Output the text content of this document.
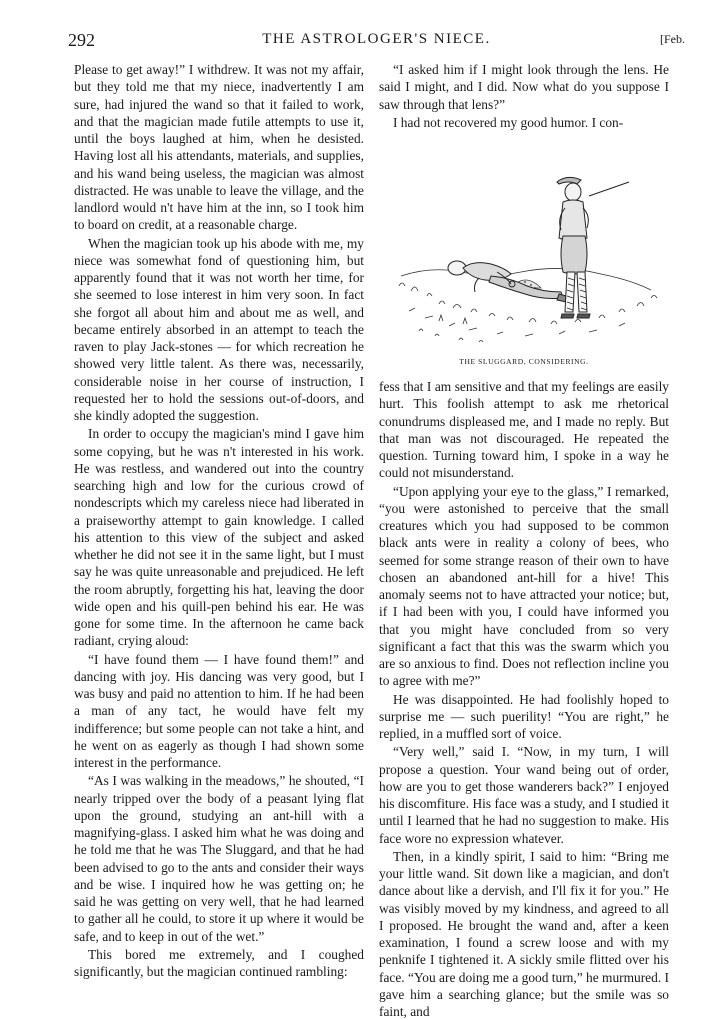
292	THE ASTROLOGER'S NIECE.	[Feb.

Please to get away!” I withdrew. It was not my affair, but they told me that my niece, inadvertently I am sure, had injured the wand so that it failed to work, and that the magician made futile attempts to use it, until the boys laughed at him, when he desisted. Having lost all his attendants, materials, and supplies, and his wand being useless, the magician was almost distracted. He was unable to leave the village, and the landlord would n't have him at the inn, so I took him to board on credit, at a reasonable charge.

When the magician took up his abode with me, my niece was somewhat fond of questioning him, but apparently found that it was not worth her time, for she seemed to lose interest in him very soon. In fact she forgot all about him and about me as well, and became entirely absorbed in an attempt to teach the raven to play Jack-stones — for which recreation he showed very little talent. As there was, necessarily, considerable noise in her course of instruction, I requested her to hold the sessions out-of-doors, and she kindly adopted the suggestion.

In order to occupy the magician's mind I gave him some copying, but he was n't interested in his work. He was restless, and wandered out into the country searching high and low for the curious crowd of nondescripts which my careless niece had liberated in a praiseworthy attempt to gain knowledge. I called his attention to this view of the subject and asked whether he did not see it in the same light, but I must say he was quite unreasonable and prejudiced. He left the room abruptly, forgetting his hat, leaving the door wide open and his quill-pen behind his ear. He was gone for some time. In the afternoon he came back radiant, crying aloud:

“I have found them — I have found them!” and dancing with joy. His dancing was very good, but I was busy and paid no attention to him. If he had been a man of any tact, he would have felt my indifference; but some people can not take a hint, and he went on as eagerly as though I had shown some interest in the performance.

“As I was walking in the meadows,” he shouted, “I nearly tripped over the body of a peasant lying flat upon the ground, studying an ant-hill with a magnifying-glass. I asked him what he was doing and he told me that he was The Sluggard, and that he had been advised to go to the ants and consider their ways and be wise. I inquired how he was getting on; he said he was getting on very well, that he had learned to gather all he could, to store it up where it would be safe, and to keep in out of the wet.”

This bored me extremely, and I coughed significantly, but the magician continued rambling:

“I asked him if I might look through the lens. He said I might, and I did. Now what do you suppose I saw through that lens?”

I had not recovered my good humor. I con-

THE SLUGGARD, CONSIDERING.

fess that I am sensitive and that my feelings are easily hurt. This foolish attempt to ask me rhetorical conundrums displeased me, and I made no reply. But that man was not discouraged. He repeated the question. Turning toward him, I spoke in a way he could not misunderstand.

“Upon applying your eye to the glass,” I remarked, “you were astonished to perceive that the small creatures which you had supposed to be common black ants were in reality a colony of bees, who seemed for some strange reason of their own to have chosen an abandoned ant-hill for a hive! This anomaly seems not to have attracted your notice; but, if I had been with you, I could have informed you that you might have concluded from so very significant a fact that this was the swarm which you are so anxious to find. Does not reflection incline you to agree with me?”

He was disappointed. He had foolishly hoped to surprise me — such puerility! “You are right,” he replied, in a muffled sort of voice.

“Very well,” said I. “Now, in my turn, I will propose a question. Your wand being out of order, how are you to get those wanderers back?” I enjoyed his discomfiture. His face was a study, and I studied it until I learned that he had no suggestion to make. His face wore no expression whatever.

Then, in a kindly spirit, I said to him: “Bring me your little wand. Sit down like a magician, and don't dance about like a dervish, and I'll fix it for you.” He was visibly moved by my kindness, and agreed to all I proposed. He brought the wand and, after a keen examination, I found a screw loose and with my penknife I tightened it. A sickly smile flitted over his face. “You are doing me a good turn,” he murmured. I gave him a searching glance; but the smile was so faint, and
